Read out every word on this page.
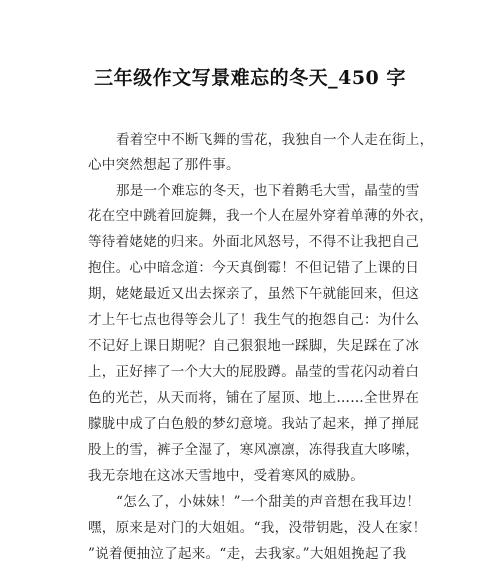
三年级作文写景难忘的冬天_450 字
看着空中不断飞舞的雪花，我独自一个人走在街上，
心中突然想起了那件事。
那是一个难忘的冬天，也下着鹅毛大雪，晶莹的雪
花在空中跳着回旋舞，我一个人在屋外穿着单薄的外衣，
等待着姥姥的归来。外面北风怒号，不得不让我把自己
抱住。心中暗念道：今天真倒霉！不但记错了上课的日
期，姥姥最近又出去探亲了，虽然下午就能回来，但这
才上午七点也得等会儿了！我生气的抱怨自己：为什么
不记好上课日期呢？自己狠狠地一踩脚，失足踩在了冰
上，正好摔了一个大大的屁股蹲。晶莹的雪花闪动着白
色的光芒，从天而将，铺在了屋顶、地上……全世界在
朦胧中成了白色般的梦幻意境。我站了起来，掸了掸屁
股上的雪，裤子全湿了，寒风凛凛，冻得我直大哆嗦，
我无奈地在这冰天雪地中，受着寒风的威胁。
“怎么了，小妹妹！”一个甜美的声音想在我耳边！
嘿，原来是对门的大姐姐。“我，没带钥匙，没人在家！
”说着便抽泣了起来。“走，去我家。”大姐姐挽起了我
